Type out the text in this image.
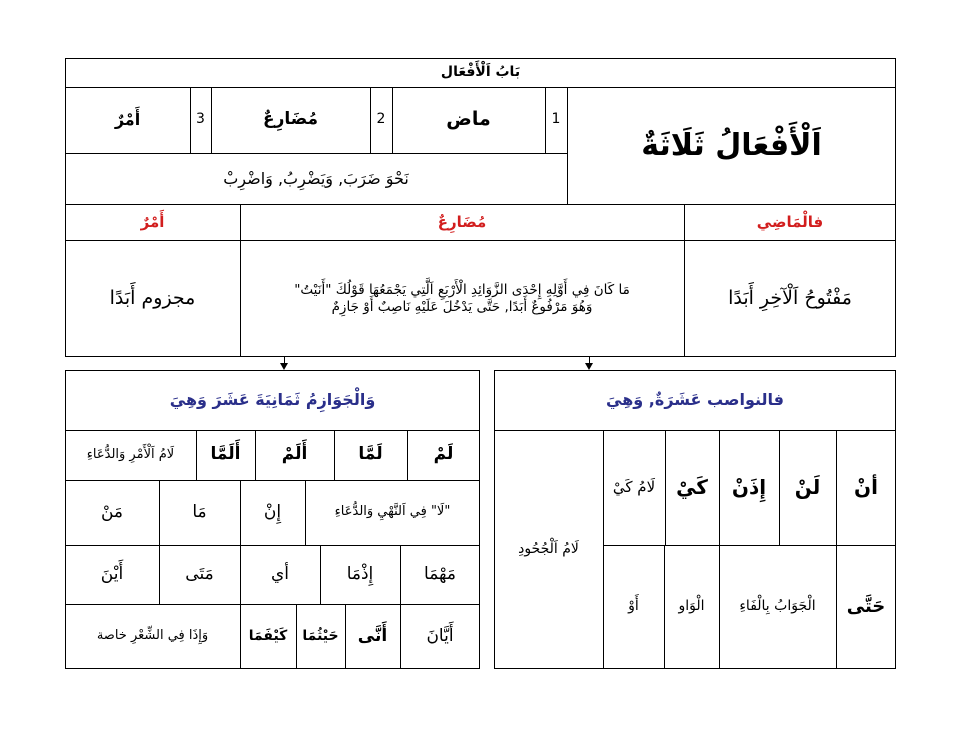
بَابُ اَلْأَفْعَال
اَلْأَفْعَالُ ثَلَاثَةٌ
1
ماض
2
مُضَارِعٌ
3
أَمْرٌ
نَحْوَ ضَرَبَ, وَيَضْرِبُ, وَاضْرِبْ
فالْمَاضِي
مُضَارِعٌ
أَمْرٌ
مَفْتُوحُ اَلْآخِرِ أَبَدًا
مَا كَانَ فِي أَوَّلِهِ إِحْدَى الزَّوَائِدِ الْأَرْبَعِ اَلَّتِي يَجْمَعُهَا قَوْلُكَ "أَنَيْتُ"
وَهُوَ مَرْفُوعٌ أَبَدًا, حَتَّى يَدْخُلَ عَلَيْهِ نَاصِبٌ أَوْ جَازِمٌ
مجزوم أَبَدًا
فالنواصب عَشَرَةٌ, وَهِيَ
أنْ
لَنْ
إِذَنْ
كَيْ
لَامُ كَيْ
لَامُ اَلْجُحُودِ
حَتَّى
الْجَوَابُ بِالْفَاءِ
الْوَاو
أَوْ
وَالْجَوَازِمُ ثَمَانِيَةَ عَشَرَ وَهِيَ
لَمْ
لَمَّا
أَلَمْ
أَلَمَّا
لَامُ اَلْأَمْرِ وَالدُّعَاءِ
"لَا" فِي اَلنَّهْيِ وَالدُّعَاءِ
إِنْ
مَا
مَنْ
مَهْمَا
إِذْمَا
أي
مَتَى
أَيْنَ
أَيَّانَ
أَنَّى
حَيْثُمَا
كَيْفَمَا
وَإِذَا فِي الشِّعْرِ خاصة
